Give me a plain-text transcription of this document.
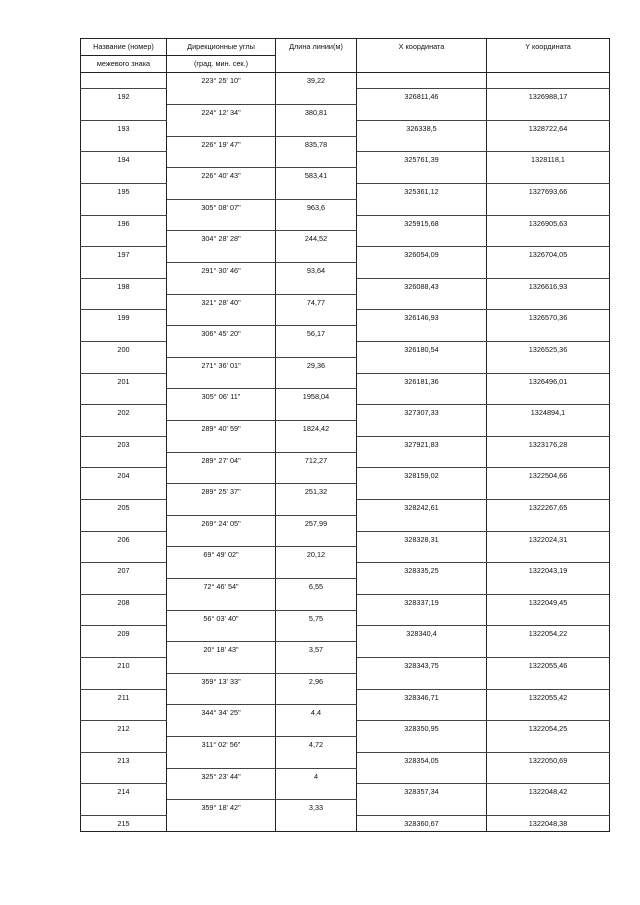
Название (номер)	Дирекционные углы	Длина линии(м)	X координата	Y координата
межевого знака	(град. мин. сек.)			
	223° 25' 10"	39,22		
192			326811,46	1326988,17
	224° 12' 34"	380,81		
193			326338,5	1328722,64
	226° 19' 47"	835,78		
194			325761,39	1328118,1
	226° 40' 43"	583,41		
195			325361,12	1327693,66
	305° 08' 07"	963,6		
196			325915,68	1326905,63
	304° 28' 28"	244,52		
197			326054,09	1326704,05
	291° 30' 46"	93,64		
198			326088,43	1326616,93
	321° 28' 40"	74,77		
199			326146,93	1326570,36
	306° 45' 20"	56,17		
200			326180,54	1326525,36
	271° 36' 01"	29,36		
201			326181,36	1326496,01
	305° 06' 11"	1958,04		
202			327307,33	1324894,1
	289° 40' 59"	1824,42		
203			327921,83	1323176,28
	289° 27' 04"	712,27		
204			328159,02	1322504,66
	289° 25' 37"	251,32		
205			328242,61	1322267,65
	269° 24' 05"	257,99		
206			328328,31	1322024,31
	69° 49' 02"	20,12		
207			328335,25	1322043,19
	72° 46' 54"	6,55		
208			328337,19	1322049,45
	56° 03' 40"	5,75		
209			328340,4	1322054,22
	20° 18' 43"	3,57		
210			328343,75	1322055,46
	359° 13' 33"	2,96		
211			328346,71	1322055,42
	344° 34' 25"	4,4		
212			328350,95	1322054,25
	311° 02' 56"	4,72		
213			328354,05	1322050,69
	325° 23' 44"	4		
214			328357,34	1322048,42
	359° 18' 42"	3,33		
215			328360,67	1322048,38
